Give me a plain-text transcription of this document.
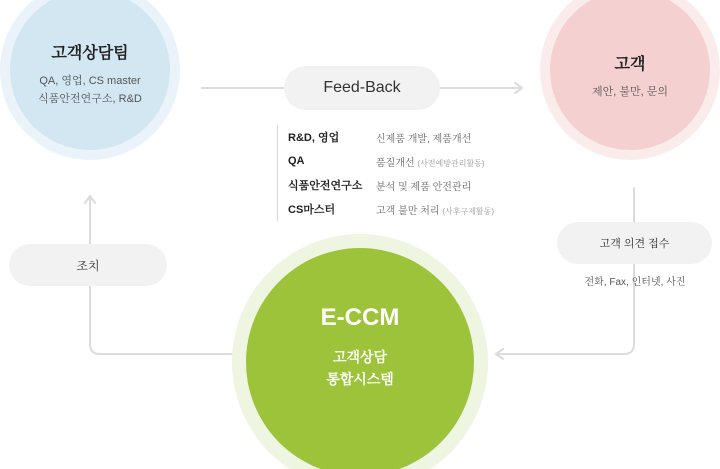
고객상담팀
QA, 영업, CS master
식품안전연구소, R&D
고객
제안, 불만, 문의
Feed-Back
R&D, 영업	신제품 개발, 제품개선
QA	품질개선 (사전예방관리활동)
식품안전연구소	분석 및 제품 안전관리
CS마스터	고객 불만 처리 (사후구제활동)
고객 의견 접수
전화, Fax, 인터넷, 사진
조치
E-CCM
고객상담
통합시스템
